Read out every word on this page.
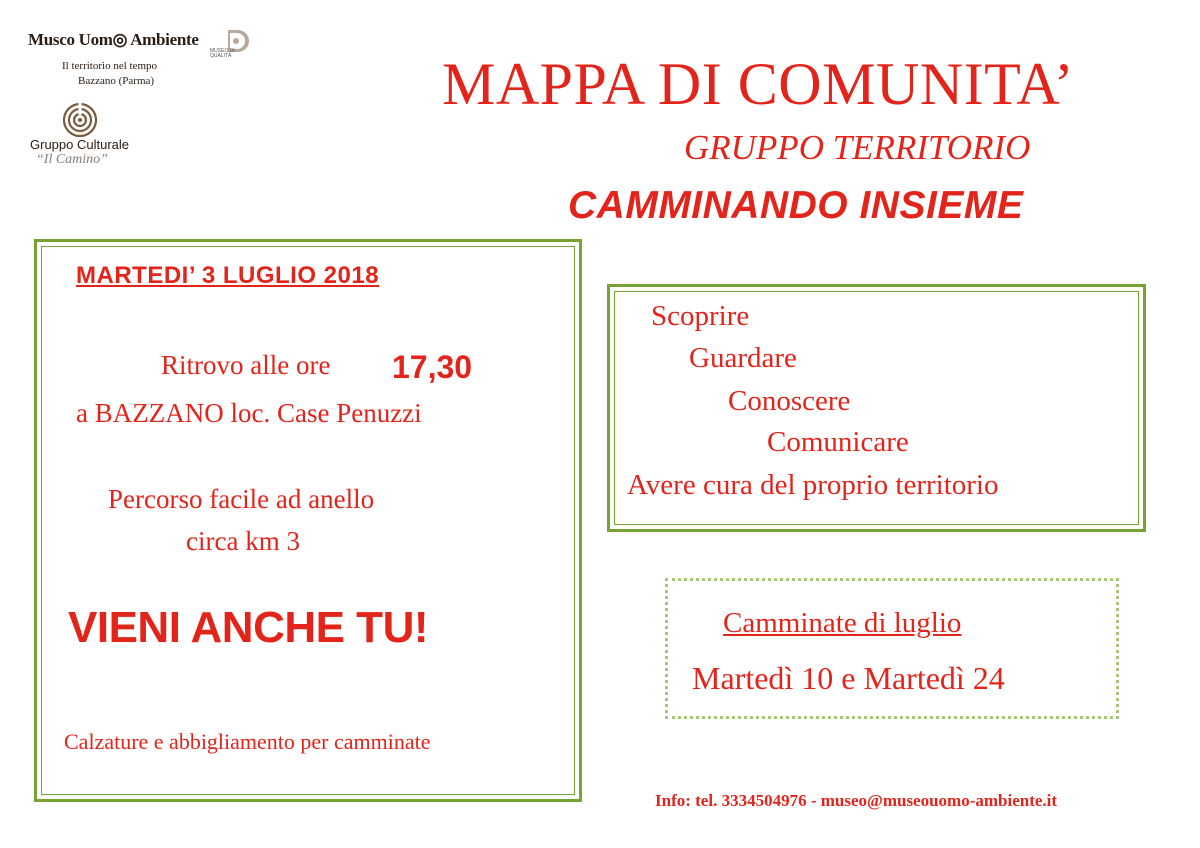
Musco Uom◎ Ambiente
MUSEO DI QUALITÀ
Il territorio nel tempo
Bazzano (Parma)
Gruppo Culturale
“Il Camino”
MAPPA DI COMUNITA’
GRUPPO TERRITORIO
CAMMINANDO INSIEME
MARTEDI’ 3 LUGLIO 2018
Ritrovo alle ore 17,30
a BAZZANO loc. Case Penuzzi
Percorso facile ad anello
circa km 3
VIENI ANCHE TU!
Calzature e abbigliamento per camminate
Scoprire
Guardare
Conoscere
Comunicare
Avere cura del proprio territorio
Camminate di luglio
Martedì 10 e Martedì 24
Info: tel. 3334504976 - museo@museouomo-ambiente.it
